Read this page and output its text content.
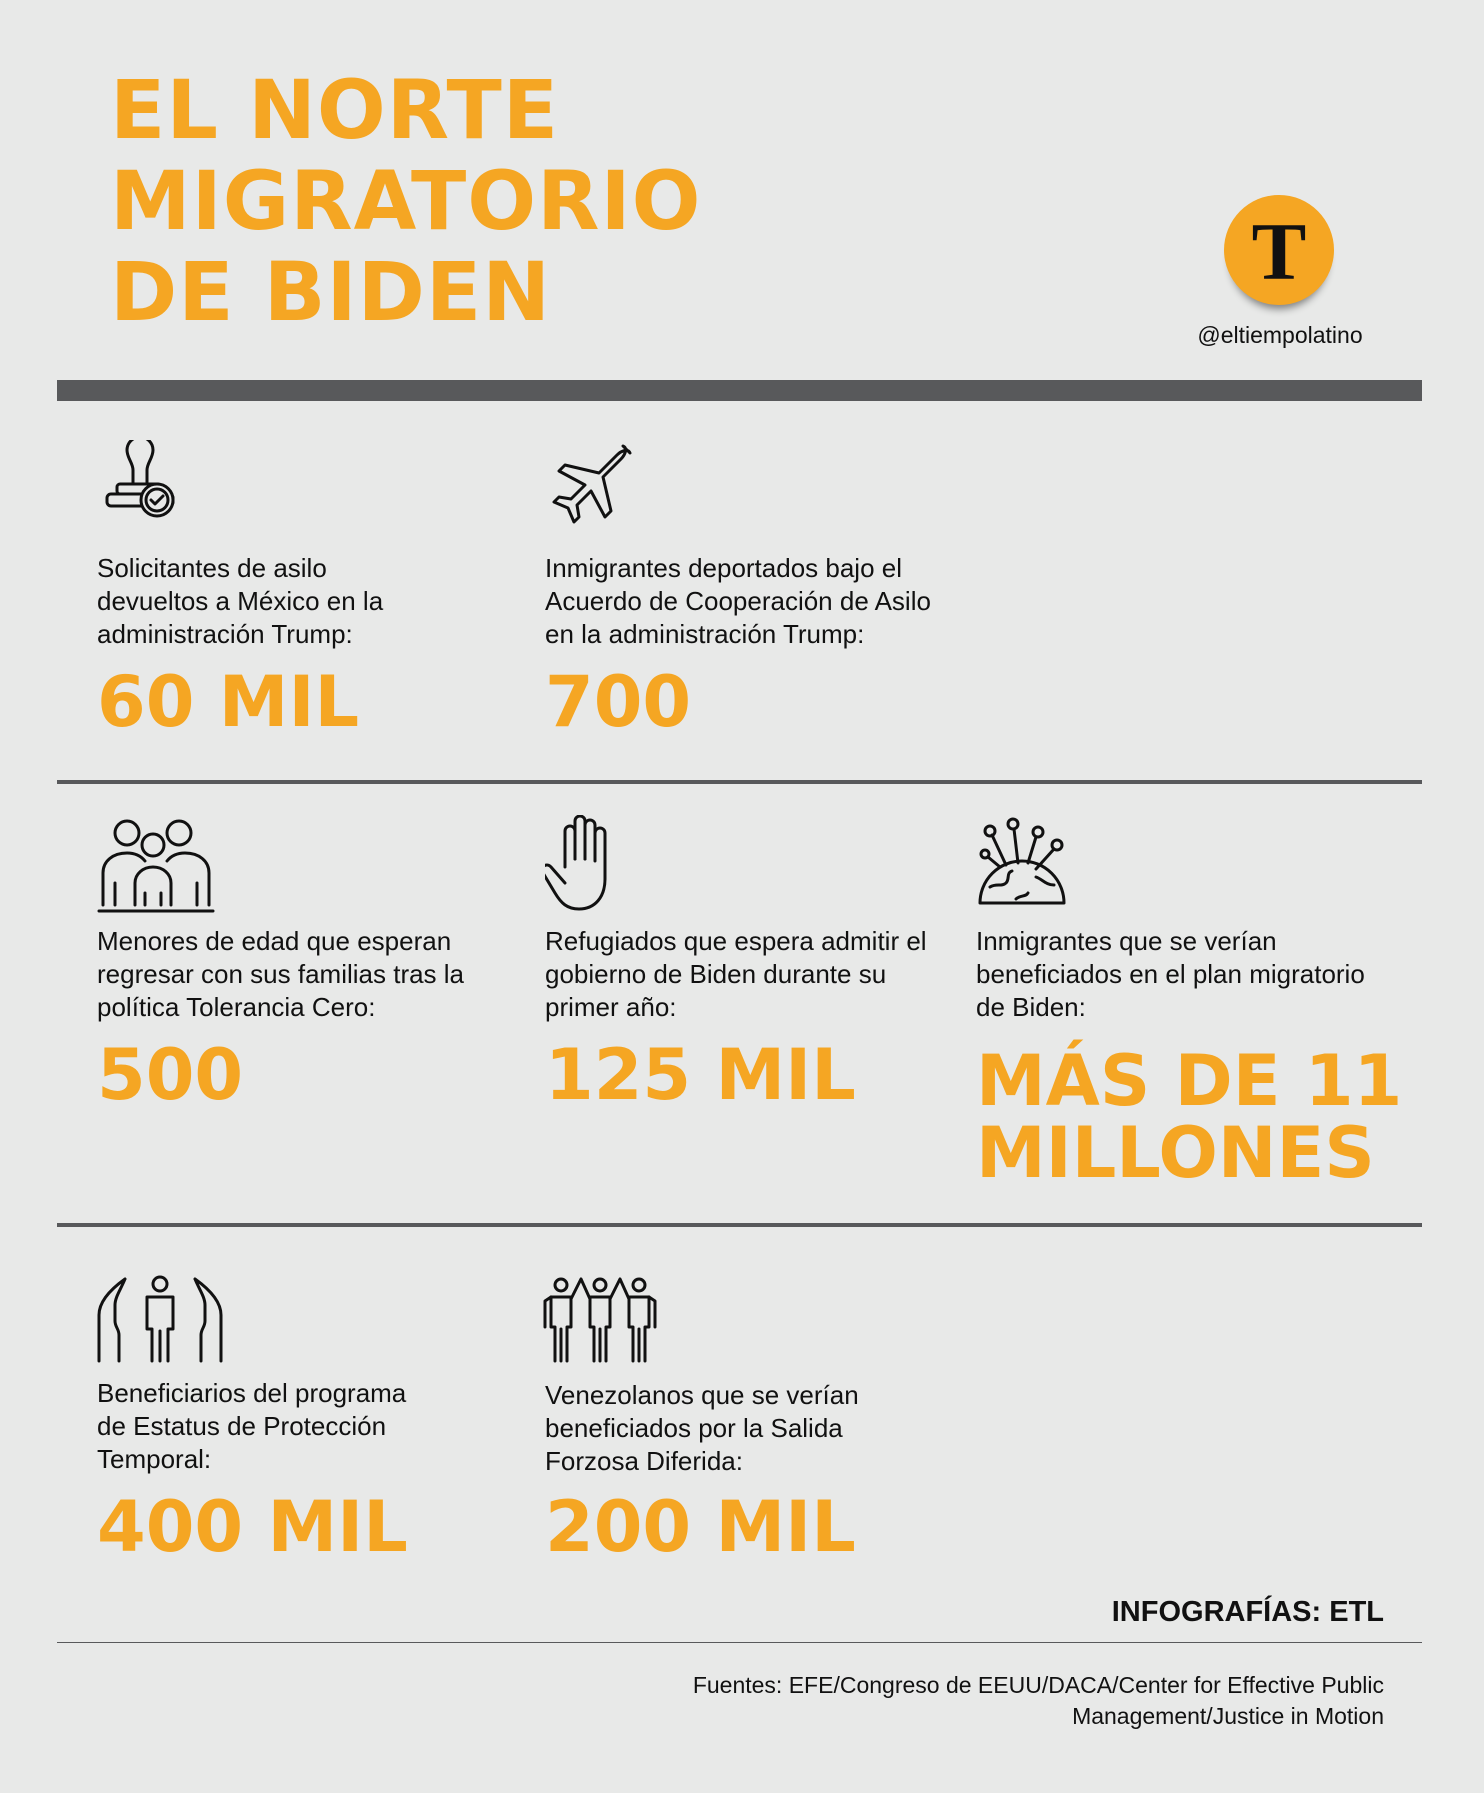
EL NORTE
MIGRATORIO
DE BIDEN	T
@eltiempolatino

Solicitantes de asilo devueltos a México en la administración Trump:

60 MIL

Inmigrantes deportados bajo el Acuerdo de Cooperación de Asilo en la administración Trump:

700

Menores de edad que esperan regresar con sus familias tras la política Tolerancia Cero:

500

Refugiados que espera admitir el gobierno de Biden durante su primer año:

125 MIL

Inmigrantes que se verían beneficiados en el plan migratorio de Biden:

MÁS DE 11 MILLONES

Beneficiarios del programa de Estatus de Protección Temporal:

400 MIL

Venezolanos que se verían beneficiados por la Salida Forzosa Diferida:

200 MIL

INFOGRAFÍAS: ETL
Fuentes: EFE/Congreso de EEUU/DACA/Center for Effective Public Management/Justice in Motion
